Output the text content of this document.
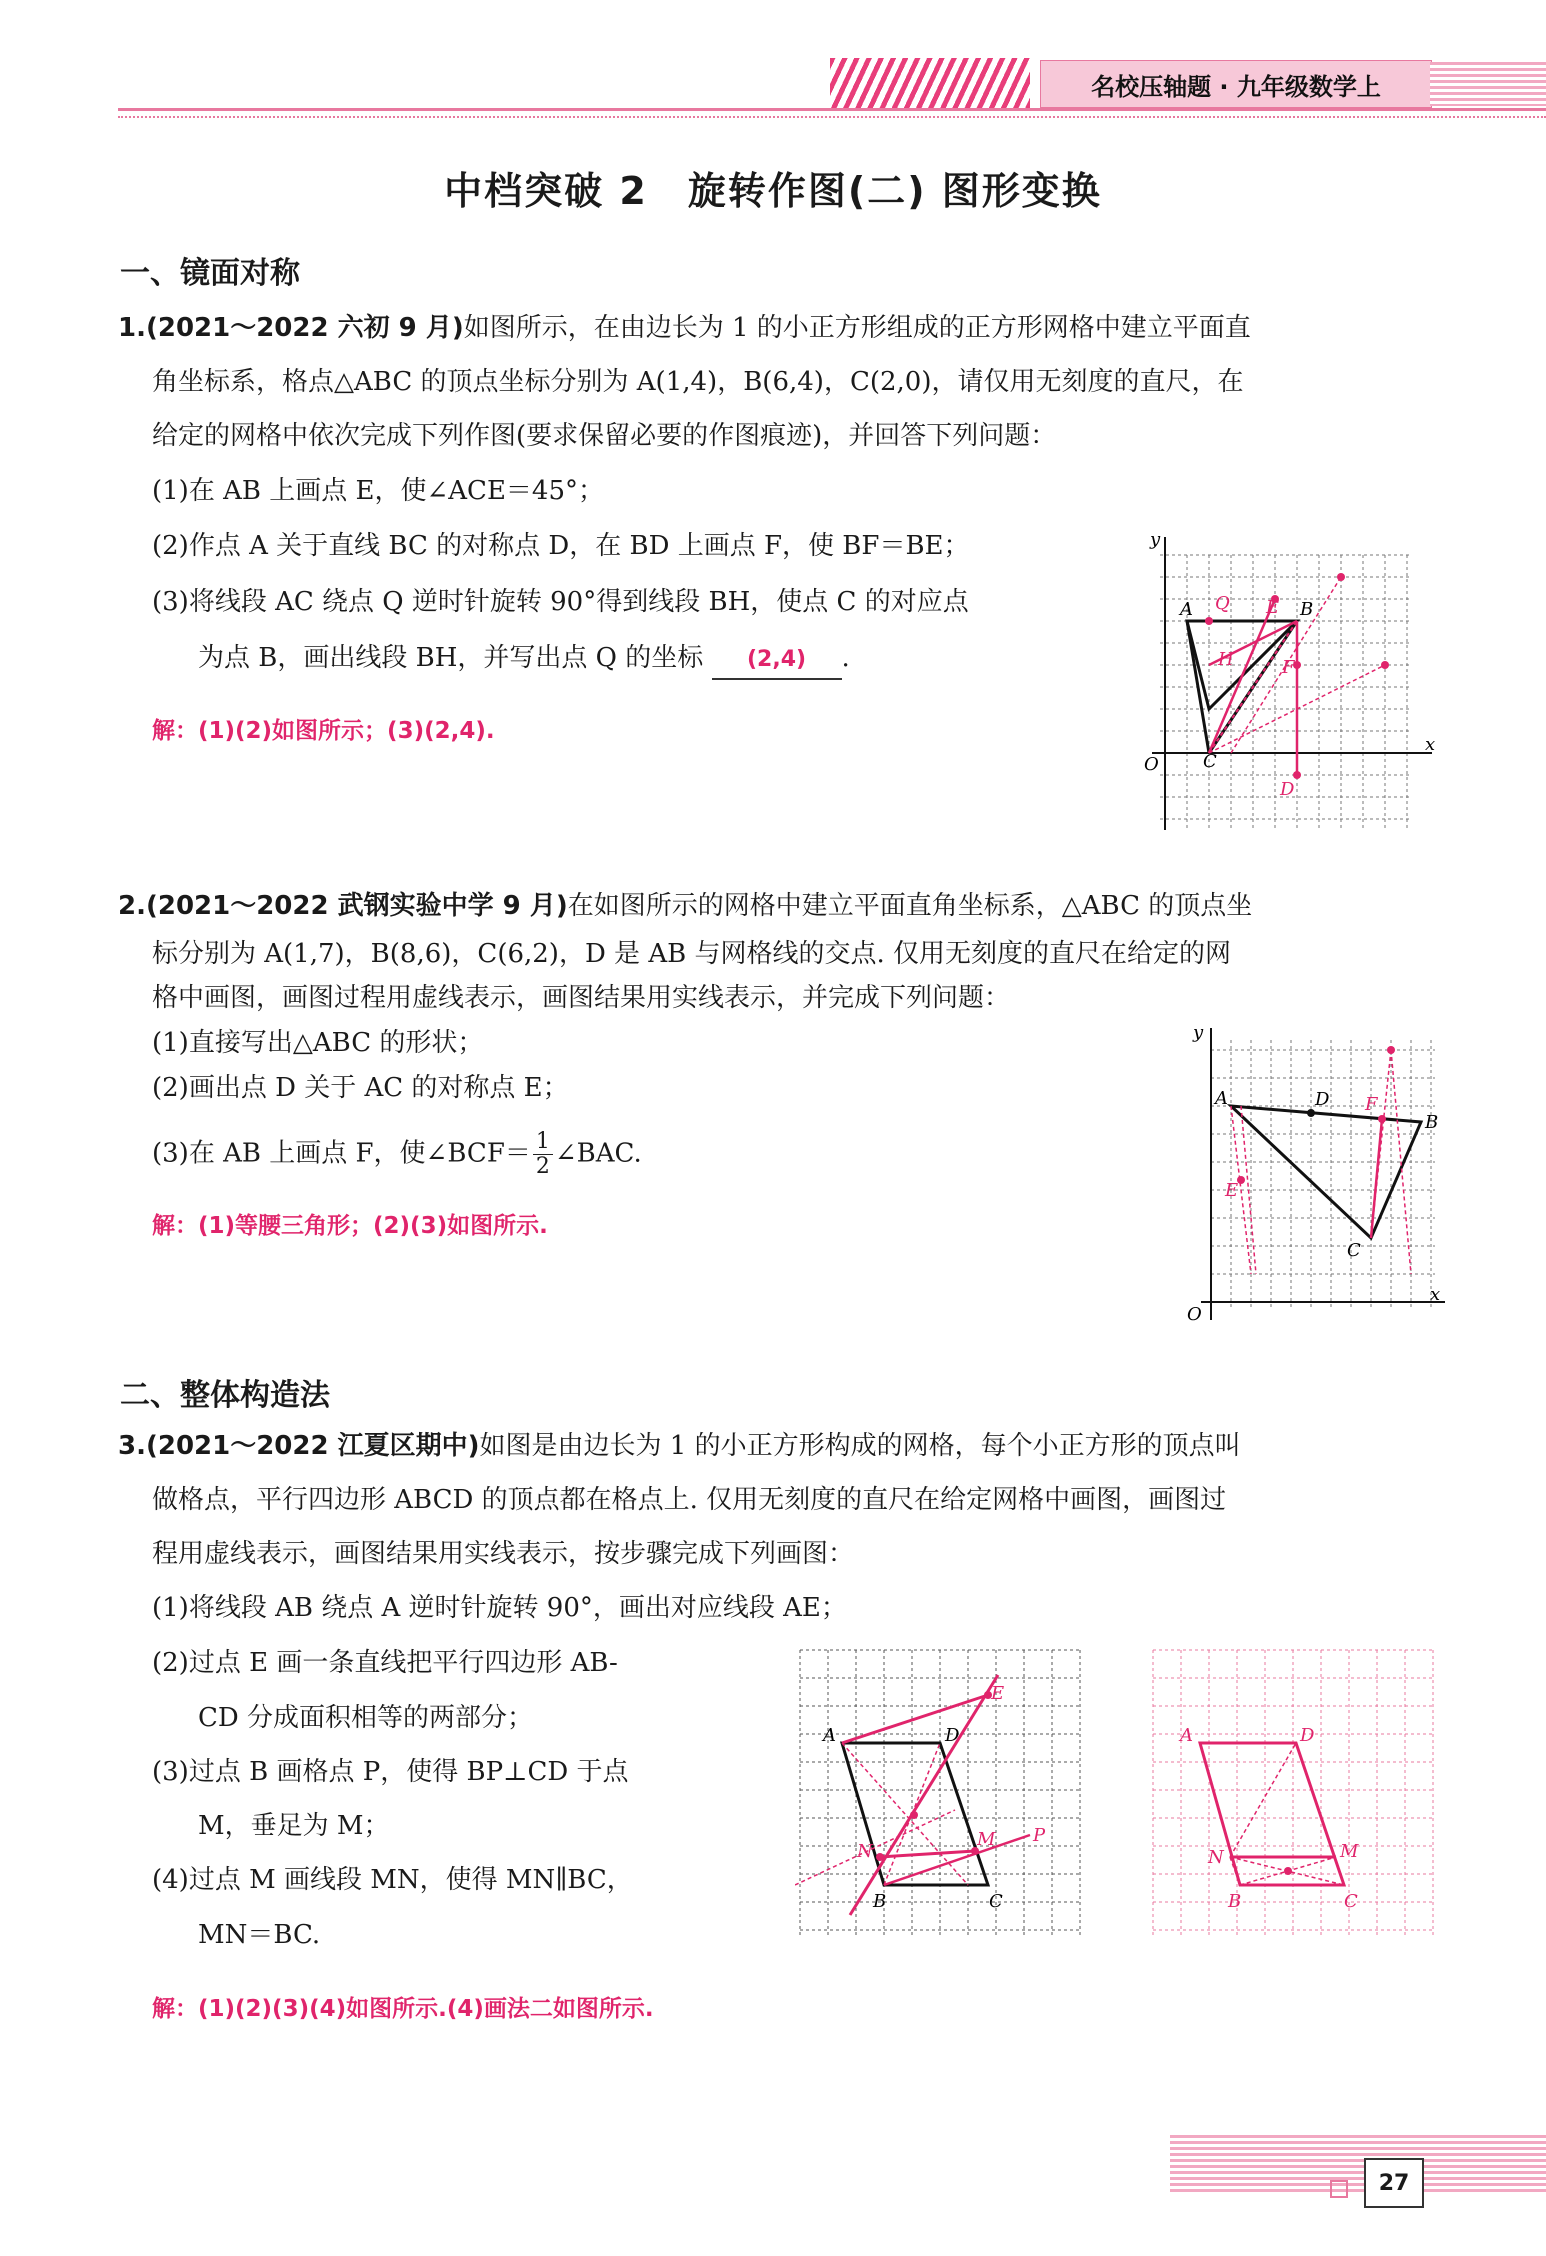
名校压轴题 · 九年级数学上
中档突破 2　旋转作图(二) 图形变换
一、镜面对称
1.(2021～2022 六初 9 月)如图所示，在由边长为 1 的小正方形组成的正方形网格中建立平面直
角坐标系，格点△ABC 的顶点坐标分别为 A(1,4)，B(6,4)，C(2,0)，请仅用无刻度的直尺，在
给定的网格中依次完成下列作图(要求保留必要的作图痕迹)，并回答下列问题：
(1)在 AB 上画点 E，使∠ACE＝45°；
(2)作点 A 关于直线 BC 的对称点 D，在 BD 上画点 F，使 BF＝BE；
(3)将线段 AC 绕点 Q 逆时针旋转 90°得到线段 BH，使点 C 的对应点
为点 B，画出线段 BH，并写出点 Q 的坐标 (2,4) .
解：(1)(2)如图所示；(3)(2,4).
y
x
O
A	B
C
D
E
F
H
Q
2.(2021～2022 武钢实验中学 9 月)在如图所示的网格中建立平面直角坐标系，△ABC 的顶点坐
标分别为 A(1,7)，B(8,6)，C(6,2)，D 是 AB 与网格线的交点. 仅用无刻度的直尺在给定的网
格中画图，画图过程用虚线表示，画图结果用实线表示，并完成下列问题：
(1)直接写出△ABC 的形状；
(2)画出点 D 关于 AC 的对称点 E；
(3)在 AB 上画点 F，使∠BCF＝ $\frac{1}{2}$ ∠BAC.
解：(1)等腰三角形；(2)(3)如图所示.
y
x
O
A
B
C
D
E
F
二、整体构造法
3.(2021～2022 江夏区期中)如图是由边长为 1 的小正方形构成的网格，每个小正方形的顶点叫
做格点，平行四边形 ABCD 的顶点都在格点上. 仅用无刻度的直尺在给定网格中画图，画图过
程用虚线表示，画图结果用实线表示，按步骤完成下列画图：
(1)将线段 AB 绕点 A 逆时针旋转 90°，画出对应线段 AE；
(2)过点 E 画一条直线把平行四边形 AB-
CD 分成面积相等的两部分；
(3)过点 B 画格点 P，使得 BP⊥CD 于点
M，垂足为 M；
(4)过点 M 画线段 MN，使得 MN∥BC，
MN＝BC.
解：(1)(2)(3)(4)如图所示.(4)画法二如图所示.
A	D
B	C
E
M
N
P
A	D
B	C
M
N
27
